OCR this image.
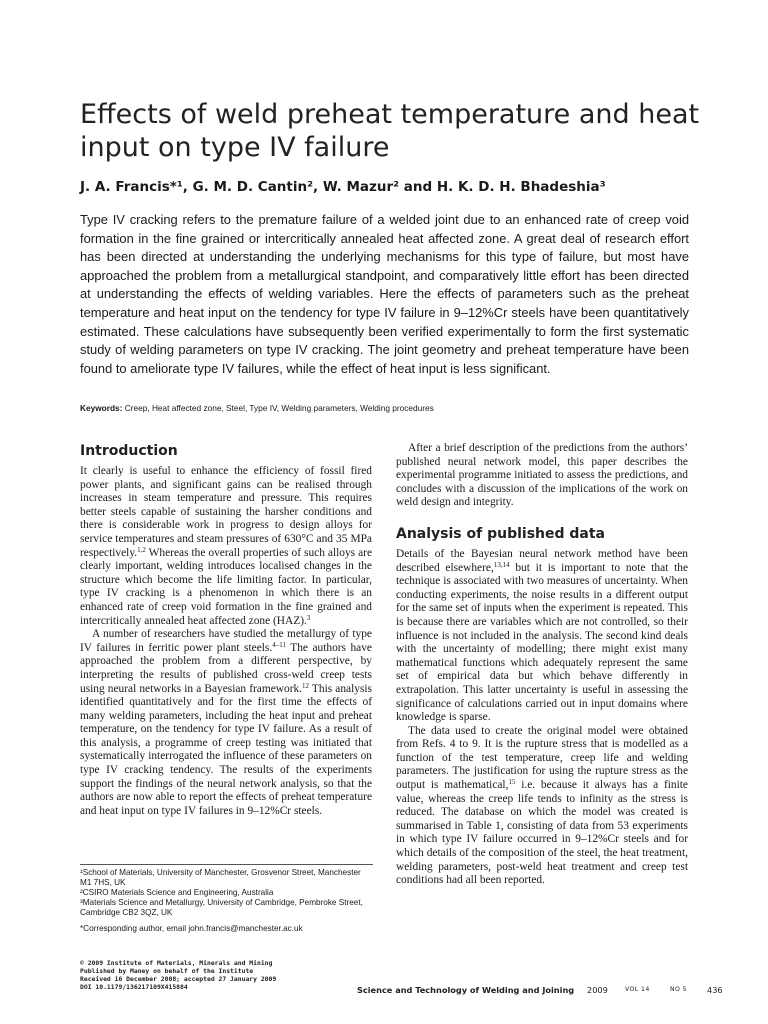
Effects of weld preheat temperature and heat input on type IV failure

J. A. Francis*¹, G. M. D. Cantin², W. Mazur² and H. K. D. H. Bhadeshia³

Type IV cracking refers to the premature failure of a welded joint due to an enhanced rate of creep void formation in the fine grained or intercritically annealed heat affected zone. A great deal of research effort has been directed at understanding the underlying mechanisms for this type of failure, but most have approached the problem from a metallurgical standpoint, and comparatively little effort has been directed at understanding the effects of welding variables. Here the effects of parameters such as the preheat temperature and heat input on the tendency for type IV failure in 9–12%Cr steels have been quantitatively estimated. These calculations have subsequently been verified experimentally to form the first systematic study of welding parameters on type IV cracking. The joint geometry and preheat temperature have been found to ameliorate type IV failures, while the effect of heat input is less significant.

Keywords: Creep, Heat affected zone, Steel, Type IV, Welding parameters, Welding procedures

Introduction

It clearly is useful to enhance the efficiency of fossil fired power plants, and significant gains can be realised through increases in steam temperature and pressure. This requires better steels capable of sustaining the harsher conditions and there is considerable work in progress to design alloys for service temperatures and steam pressures of 630°C and 35 MPa respectively.$^{1,2}$ Whereas the overall properties of such alloys are clearly important, welding introduces localised changes in the structure which become the life limiting factor. In particular, type IV cracking is a phenomenon in which there is an enhanced rate of creep void formation in the fine grained and intercritically annealed heat affected zone (HAZ).$^3$

A number of researchers have studied the metallurgy of type IV failures in ferritic power plant steels.$^{4-11}$ The authors have approached the problem from a different perspective, by interpreting the results of published cross-weld creep tests using neural networks in a Bayesian framework.$^{12}$ This analysis identified quantitatively and for the first time the effects of many welding parameters, including the heat input and preheat temperature, on the tendency for type IV failure. As a result of this analysis, a programme of creep testing was initiated that systematically interrogated the influence of these parameters on type IV cracking tendency. The results of the experiments support the findings of the neural network analysis, so that the authors are now able to report the effects of preheat temperature and heat input on type IV failures in 9–12%Cr steels.

After a brief description of the predictions from the authors’ published neural network model, this paper describes the experimental programme initiated to assess the predictions, and concludes with a discussion of the implications of the work on weld design and integrity.

Analysis of published data

Details of the Bayesian neural network method have been described elsewhere,$^{13,14}$ but it is important to note that the technique is associated with two measures of uncertainty. When conducting experiments, the noise results in a different output for the same set of inputs when the experiment is repeated. This is because there are variables which are not controlled, so their influence is not included in the analysis. The second kind deals with the uncertainty of modelling; there might exist many mathematical functions which adequately represent the same set of empirical data but which behave differently in extrapolation. This latter uncertainty is useful in assessing the significance of calculations carried out in input domains where knowledge is sparse.

The data used to create the original model were obtained from Refs. 4 to 9. It is the rupture stress that is modelled as a function of the test temperature, creep life and welding parameters. The justification for using the rupture stress as the output is mathematical,$^{15}$ i.e. because it always has a finite value, whereas the creep life tends to infinity as the stress is reduced. The database on which the model was created is summarised in Table 1, consisting of data from 53 experiments in which type IV failure occurred in 9–12%Cr steels and for which details of the composition of the steel, the heat treatment, welding parameters, post-weld heat treatment and creep test conditions had all been reported.

¹School of Materials, University of Manchester, Grosvenor Street, Manchester M1 7HS, UK

²CSIRO Materials Science and Engineering, Australia

³Materials Science and Metallurgy, University of Cambridge, Pembroke Street, Cambridge CB2 3QZ, UK

*Corresponding author, email john.francis@manchester.ac.uk

© 2009 Institute of Materials, Minerals and Mining
Published by Maney on behalf of the Institute
Received 16 December 2008; accepted 27 January 2009
DOI 10.1179/136217109X415884	Science and Technology of Welding and Joining 2009	VOL 14	NO 5 436
